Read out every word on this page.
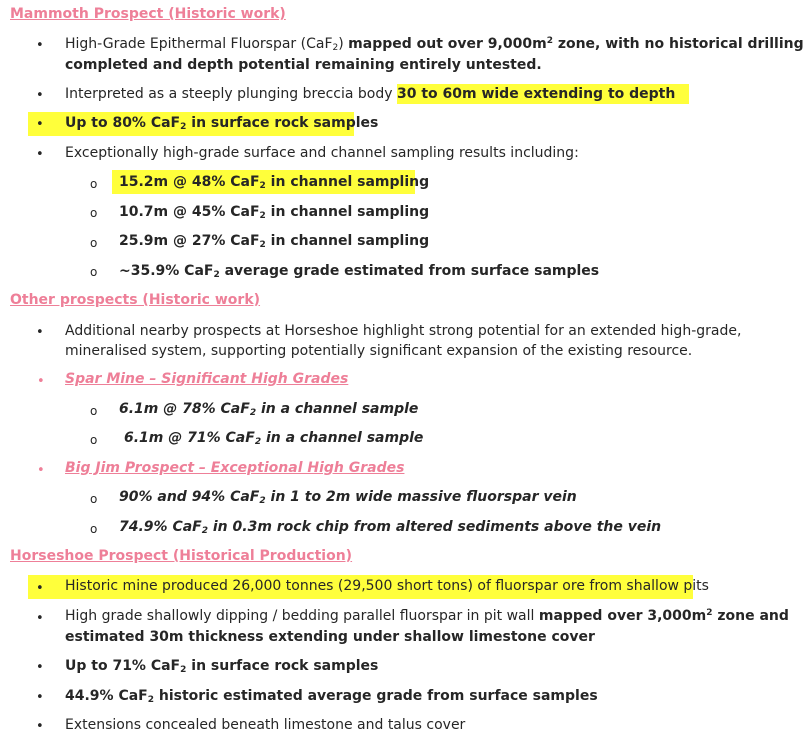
Mammoth Prospect (Historic work)
• High-Grade Epithermal Fluorspar (CaF$_2$) mapped out over $9,000m^2$ zone, with no historical drilling
completed and depth potential remaining entirely untested.
• Interpreted as a steeply plunging breccia body 30 to 60m wide extending to depth
• Up to 80% CaF$_2$ in surface rock samples
• Exceptionally high-grade surface and channel sampling results including:
o 15.2m @ 48% CaF$_2$ in channel sampling
o 10.7m @ 45% CaF$_2$ in channel sampling
o 25.9m @ 27% CaF$_2$ in channel sampling
o ~35.9% CaF$_2$ average grade estimated from surface samples
Other prospects (Historic work)
• Additional nearby prospects at Horseshoe highlight strong potential for an extended high-grade,
mineralised system, supporting potentially significant expansion of the existing resource.
• Spar Mine – Significant High Grades
o 6.1m @ 78% CaF$_2$ in a channel sample
o 6.1m @ 71% CaF$_2$ in a channel sample
• Big Jim Prospect – Exceptional High Grades
o 90% and 94% CaF$_2$ in 1 to 2m wide massive fluorspar vein
o 74.9% CaF$_2$ in 0.3m rock chip from altered sediments above the vein
Horseshoe Prospect (Historical Production)
• Historic mine produced 26,000 tonnes (29,500 short tons) of fluorspar ore from shallow pits
• High grade shallowly dipping / bedding parallel fluorspar in pit wall mapped over $3,000m^2$ zone and
estimated 30m thickness extending under shallow limestone cover
• Up to 71% CaF$_2$ in surface rock samples
• 44.9% CaF$_2$ historic estimated average grade from surface samples
• Extensions concealed beneath limestone and talus cover
